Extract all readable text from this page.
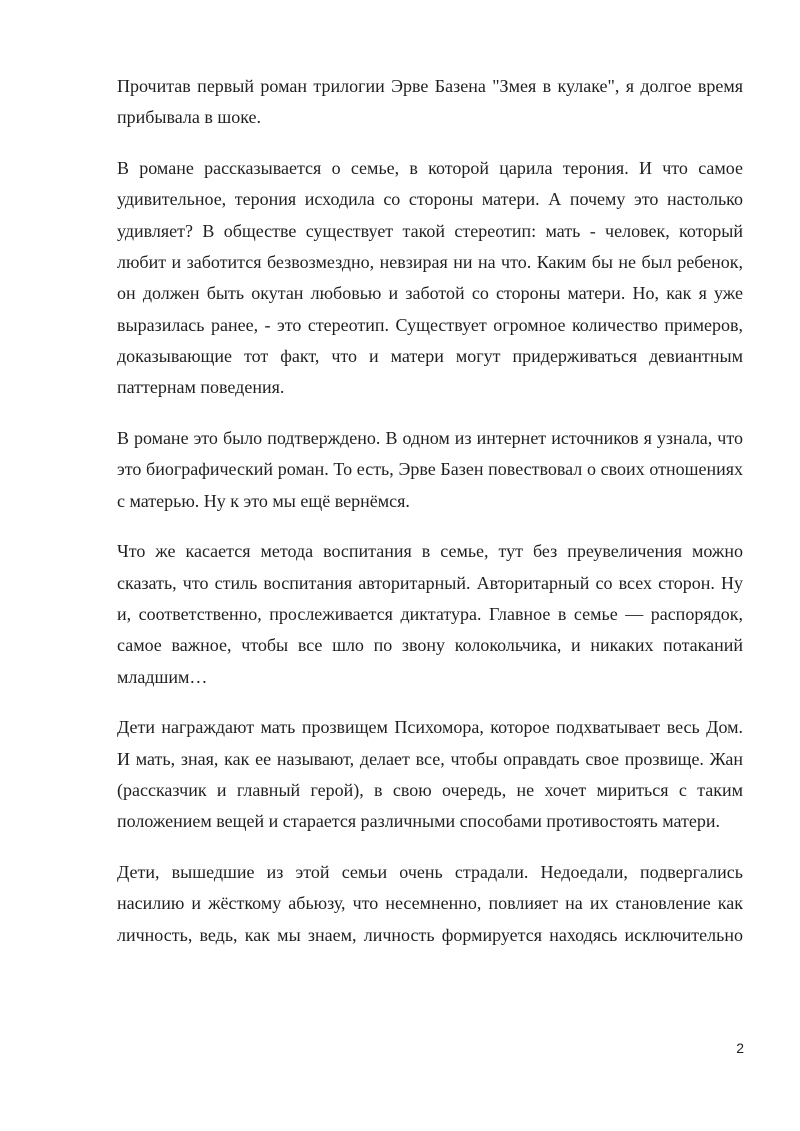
Прочитав первый роман трилогии Эрве Базена "Змея в кулаке", я долгое время прибывала в шоке.

В романе рассказывается о семье, в которой царила терония. И что самое удивительное, терония исходила со стороны матери. А почему это настолько удивляет? В обществе существует такой стереотип: мать - человек, который любит и заботится безвозмездно, невзирая ни на что. Каким бы не был ребенок, он должен быть окутан любовью и заботой со стороны матери. Но, как я уже выразилась ранее, - это стереотип. Существует огромное количество примеров, доказывающие тот факт, что и матери могут придерживаться девиантным паттернам поведения.

В романе это было подтверждено. В одном из интернет источников я узнала, что это биографический роман. То есть, Эрве Базен повествовал о своих отношениях с матерью. Ну к это мы ещё вернёмся.

Что же касается метода воспитания в семье, тут без преувеличения можно сказать, что стиль воспитания авторитарный. Авторитарный со всех сторон. Ну и, соответственно, прослеживается диктатура. Главное в семье — распорядок, самое важное, чтобы все шло по звону колокольчика, и никаких потаканий младшим…

Дети награждают мать прозвищем Психомора, которое подхватывает весь Дом. И мать, зная, как ее называют, делает все, чтобы оправдать свое прозвище. Жан (рассказчик и главный герой), в свою очередь, не хочет мириться с таким положением вещей и старается различными способами противостоять матери.

Дети, вышедшие из этой семьи очень страдали. Недоедали, подвергались насилию и жёсткому абьюзу, что несемненно, повлияет на их становление как личность, ведь, как мы знаем, личность формируется находясь исключительно

2
